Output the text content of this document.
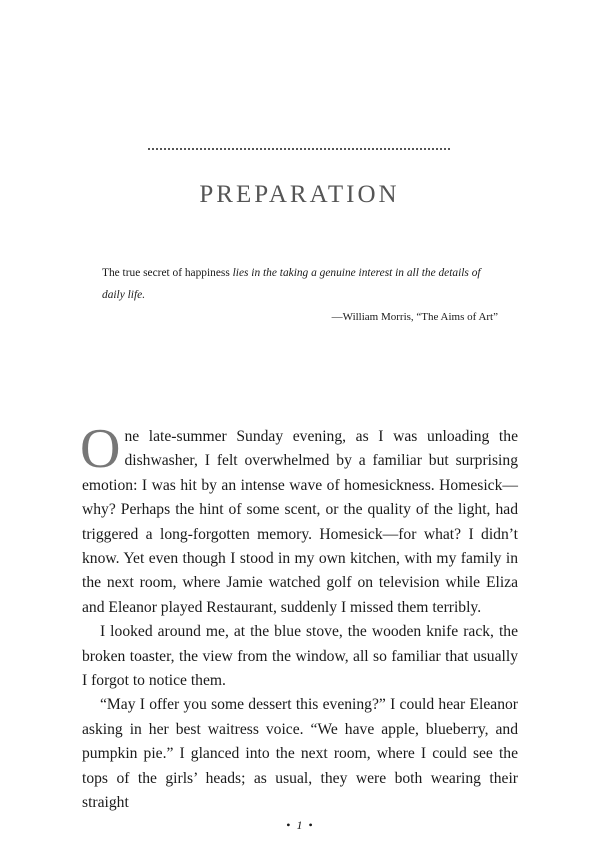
PREPARATION

The true secret of happiness lies in the taking a genuine interest in all the details of daily life.

—William Morris, “The Aims of Art”

One late-summer Sunday evening, as I was unloading the dishwasher, I felt overwhelmed by a familiar but surprising emotion: I was hit by an intense wave of homesickness. Homesick—why? Perhaps the hint of some scent, or the quality of the light, had triggered a long-forgotten memory. Homesick—for what? I didn’t know. Yet even though I stood in my own kitchen, with my family in the next room, where Jamie watched golf on television while Eliza and Eleanor played Restaurant, suddenly I missed them terribly.

I looked around me, at the blue stove, the wooden knife rack, the broken toaster, the view from the window, all so familiar that usually I forgot to notice them.

“May I offer you some dessert this evening?” I could hear Eleanor asking in her best waitress voice. “We have apple, blueberry, and pumpkin pie.” I glanced into the next room, where I could see the tops of the girls’ heads; as usual, they were both wearing their straight

• 1 •
